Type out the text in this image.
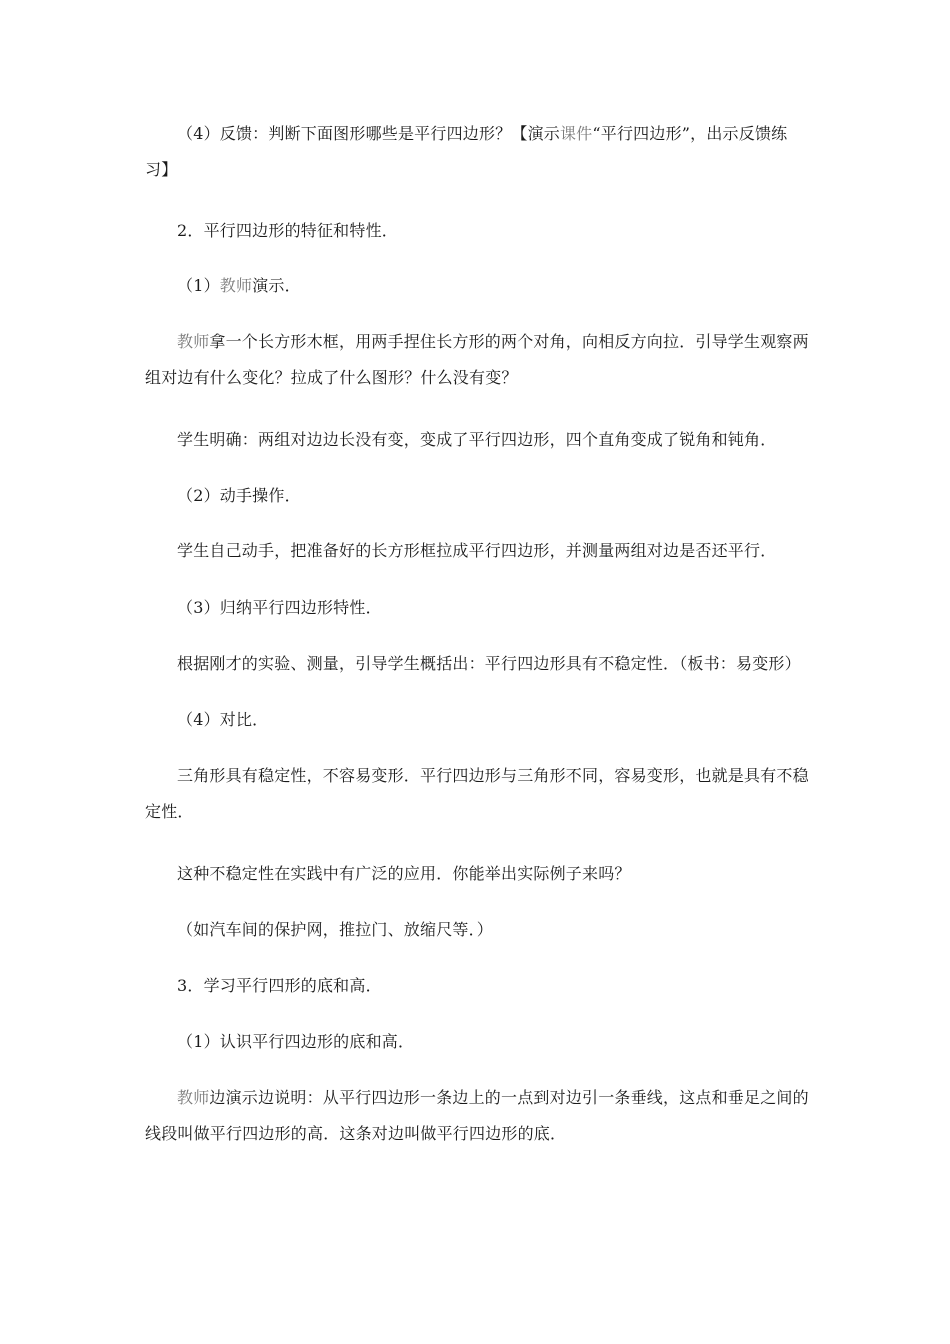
（4）反馈：判断下面图形哪些是平行四边形？【演示课件“平行四边形”，出示反馈练习】

2．平行四边形的特征和特性．

（1）教师演示．

教师拿一个长方形木框，用两手捏住长方形的两个对角，向相反方向拉．引导学生观察两组对边有什么变化？拉成了什么图形？什么没有变？

学生明确：两组对边边长没有变，变成了平行四边形，四个直角变成了锐角和钝角．

（2）动手操作．

学生自己动手，把准备好的长方形框拉成平行四边形，并测量两组对边是否还平行．

（3）归纳平行四边形特性．

根据刚才的实验、测量，引导学生概括出：平行四边形具有不稳定性．（板书：易变形）

（4）对比．

三角形具有稳定性，不容易变形．平行四边形与三角形不同，容易变形，也就是具有不稳定性．

这种不稳定性在实践中有广泛的应用．你能举出实际例子来吗？

（如汽车间的保护网，推拉门、放缩尺等．）

3．学习平行四形的底和高．

（1）认识平行四边形的底和高．

教师边演示边说明：从平行四边形一条边上的一点到对边引一条垂线，这点和垂足之间的线段叫做平行四边形的高．这条对边叫做平行四边形的底．
